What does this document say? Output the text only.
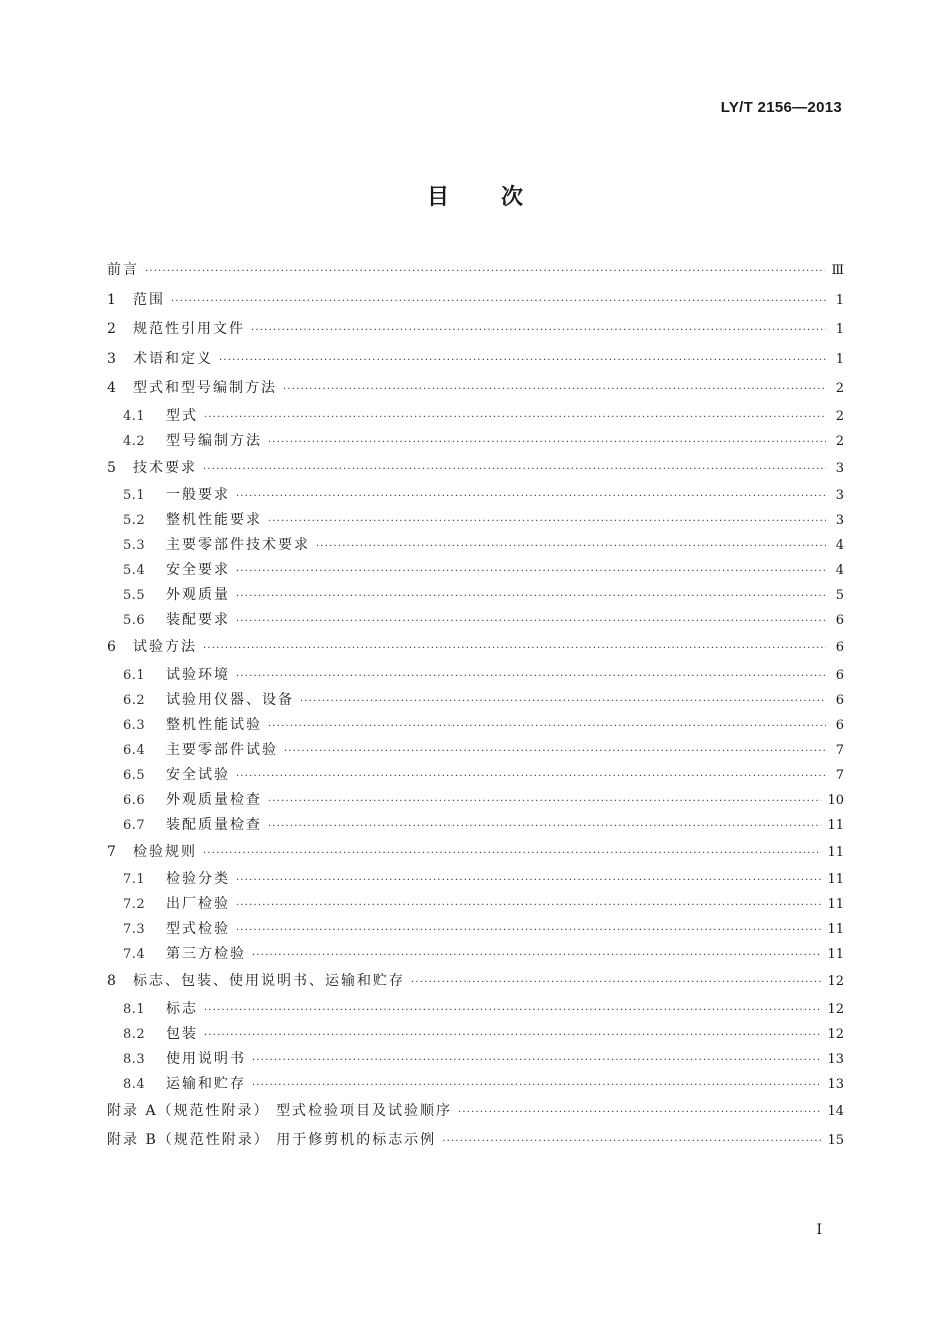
LY/T 2156—2013
目 次
前言 ·····	Ⅲ
1	范围 ·····	1
2	规范性引用文件 ·····	1
3	术语和定义 ·····	1
4	型式和型号编制方法 ·····	2
4.1	型式 ·····	2
4.2	型号编制方法 ·····	2
5	技术要求 ·····	3
5.1	一般要求 ·····	3
5.2	整机性能要求 ·····	3
5.3	主要零部件技术要求 ·····	4
5.4	安全要求 ·····	4
5.5	外观质量 ·····	5
5.6	装配要求 ·····	6
6	试验方法 ·····	6
6.1	试验环境 ·····	6
6.2	试验用仪器、设备 ·····	6
6.3	整机性能试验 ·····	6
6.4	主要零部件试验 ·····	7
6.5	安全试验 ·····	7
6.6	外观质量检查 ·····	10
6.7	装配质量检查 ·····	11
7	检验规则 ·····	11
7.1	检验分类 ·····	11
7.2	出厂检验 ·····	11
7.3	型式检验 ·····	11
7.4	第三方检验 ·····	11
8	标志、包装、使用说明书、运输和贮存 ·····	12
8.1	标志 ·····	12
8.2	包装 ·····	12
8.3	使用说明书 ·····	13
8.4	运输和贮存 ·····	13
附录 A（规范性附录） 型式检验项目及试验顺序 ·····	14
附录 B（规范性附录） 用于修剪机的标志示例 ·····	15
Ⅰ
